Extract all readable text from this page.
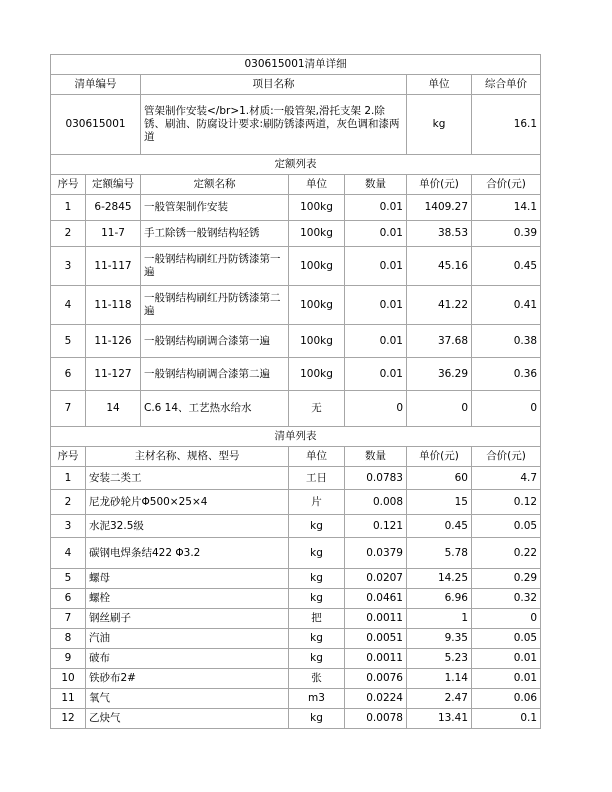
030615001清单详细						
清单编号		项目名称			单位	综合单价
030615001		管架制作安装</br>1.材质:一般管架,滑托支架 2.除锈、刷油、防腐设计要求:刷防锈漆两道，灰色调和漆两道			kg	16.1
定额列表						
序号	定额编号	定额名称	单位	数量	单价(元)	合价(元)
1	6-2845	一般管架制作安装	100kg	0.01	1409.27	14.1
2	11-7	手工除锈一般钢结构轻锈	100kg	0.01	38.53	0.39
3	11-117	一般钢结构刷红丹防锈漆第一遍	100kg	0.01	45.16	0.45
4	11-118	一般钢结构刷红丹防锈漆第二遍	100kg	0.01	41.22	0.41
5	11-126	一般钢结构刷调合漆第一遍	100kg	0.01	37.68	0.38
6	11-127	一般钢结构刷调合漆第二遍	100kg	0.01	36.29	0.36
7	14	C.6 14、工艺热水给水	无	0	0	0
清单列表						
序号	主材名称、规格、型号		单位	数量	单价(元)	合价(元)
1	安装二类工		工日	0.0783	60	4.7
2	尼龙砂轮片Φ500×25×4		片	0.008	15	0.12
3	水泥32.5级		kg	0.121	0.45	0.05
4	碳钢电焊条结422 Φ3.2		kg	0.0379	5.78	0.22
5	螺母		kg	0.0207	14.25	0.29
6	螺栓		kg	0.0461	6.96	0.32
7	钢丝刷子		把	0.0011	1	0
8	汽油		kg	0.0051	9.35	0.05
9	破布		kg	0.0011	5.23	0.01
10	铁砂布2#		张	0.0076	1.14	0.01
11	氧气		m3	0.0224	2.47	0.06
12	乙炔气		kg	0.0078	13.41	0.1
